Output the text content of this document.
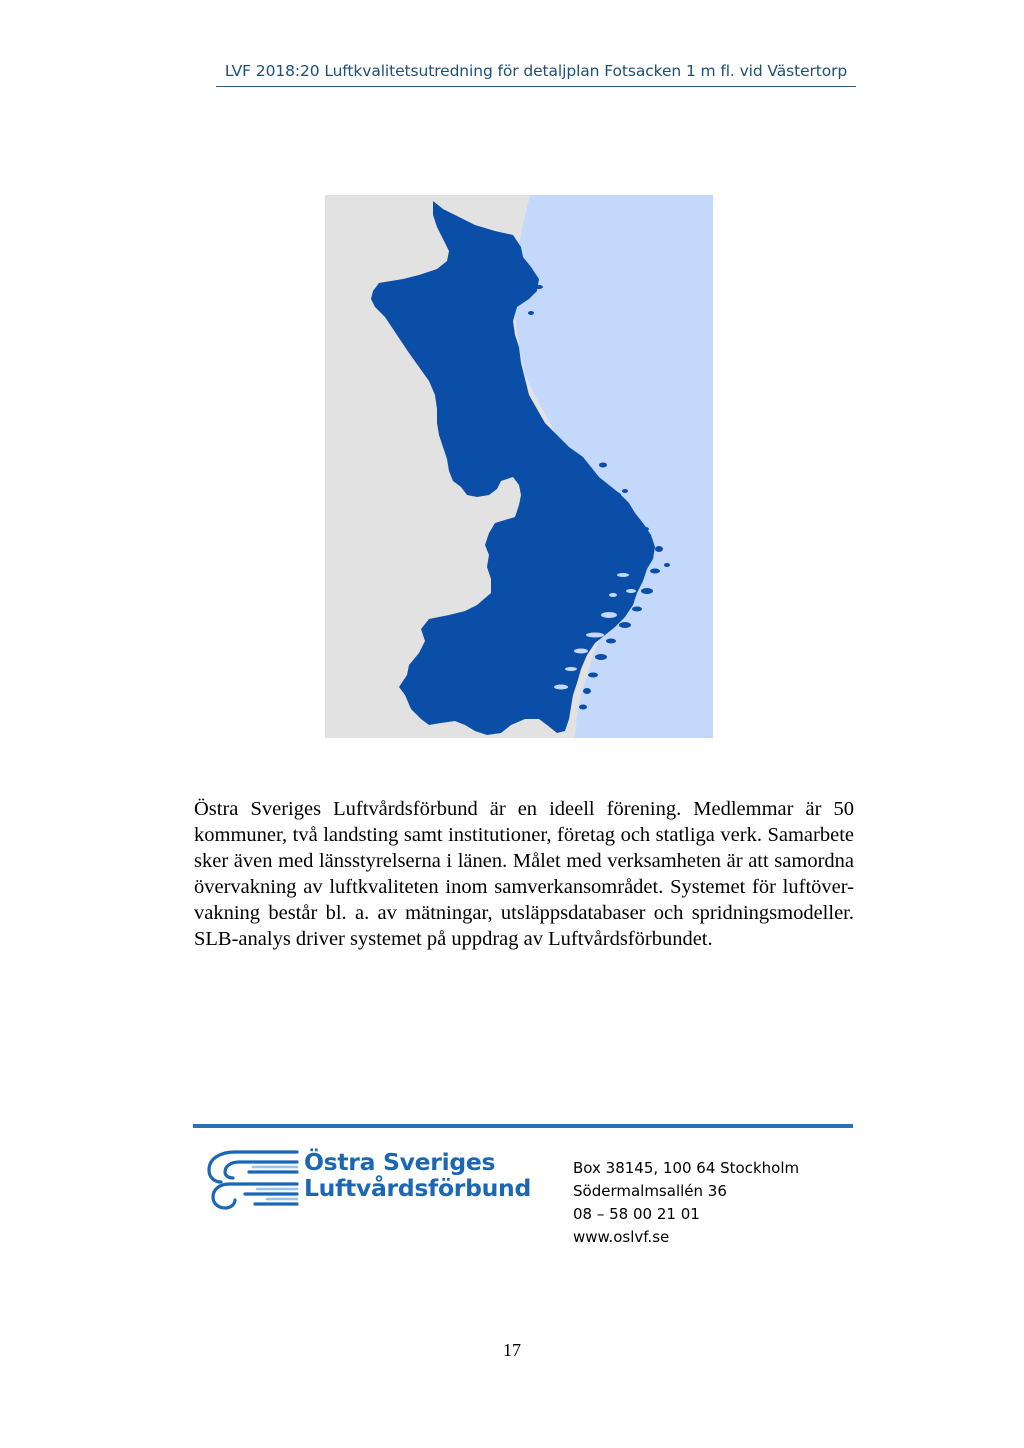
LVF 2018:20 Luftkvalitetsutredning för detaljplan Fotsacken 1 m fl. vid Västertorp
Östra Sveriges Luftvårdsförbund är en ideell förening. Medlemmar är 50 kommuner, två landsting samt institutioner, företag och statliga verk. Samarbete sker även med länsstyrelserna i länen. Målet med verksamheten är att samordna övervakning av luftkvaliteten inom samverkansområdet. Systemet för luftöver-vakning består bl. a. av mätningar, utsläppsdatabaser och spridningsmodeller. SLB-analys driver systemet på uppdrag av Luftvårdsförbundet.
Östra Sveriges
Luftvårdsförbund
Box 38145, 100 64 Stockholm
Södermalmsallén 36
08 – 58 00 21 01
www.oslvf.se
17
